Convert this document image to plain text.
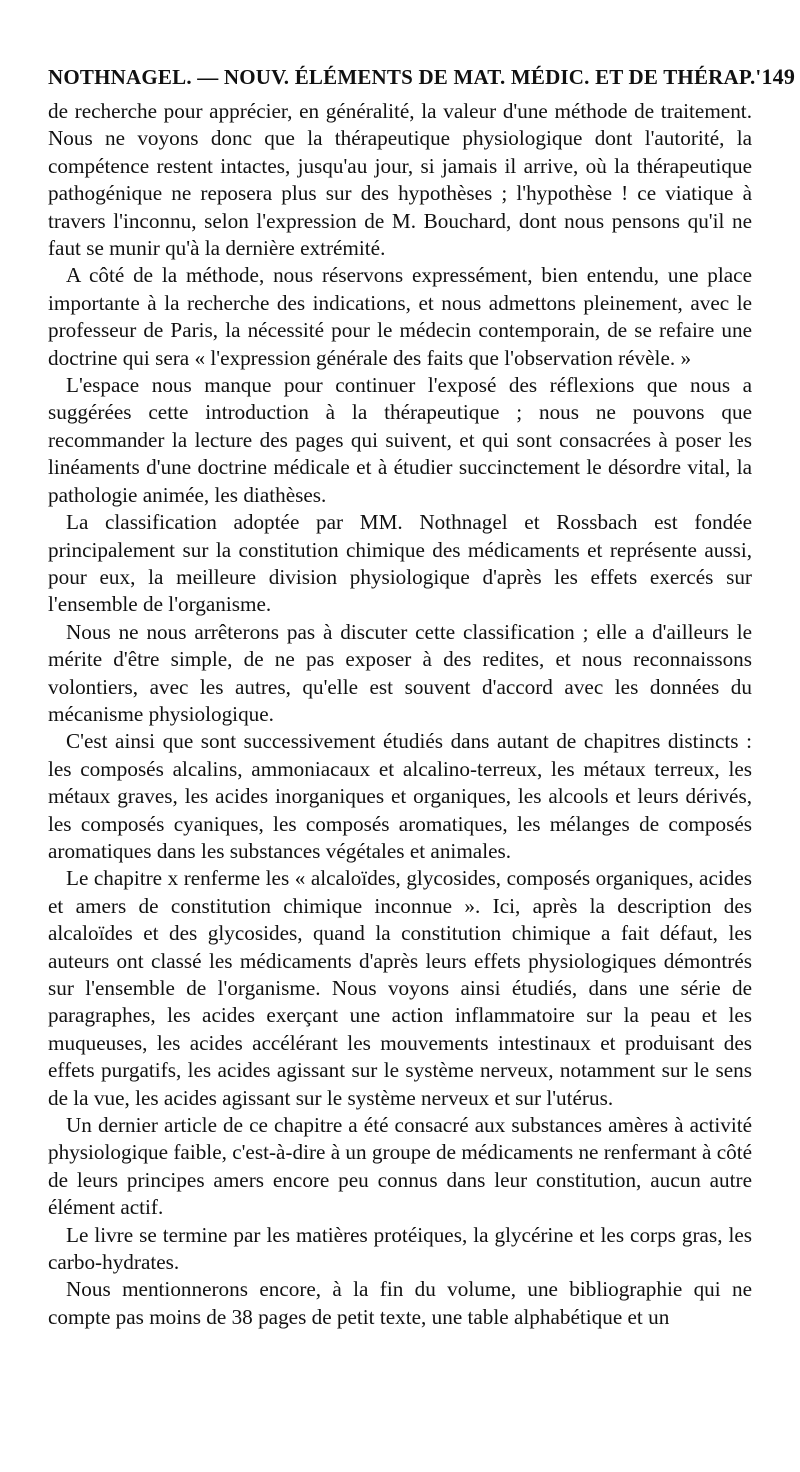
NOTHNAGEL. — NOUV. ÉLÉMENTS DE MAT. MÉDIC. ET DE THÉRAP.' 149

de recherche pour apprécier, en généralité, la valeur d'une méthode de traitement. Nous ne voyons donc que la thérapeutique physiologique dont l'autorité, la compétence restent intactes, jusqu'au jour, si jamais il arrive, où la thérapeutique pathogénique ne reposera plus sur des hypothèses ; l'hypothèse ! ce viatique à travers l'inconnu, selon l'expression de M. Bouchard, dont nous pensons qu'il ne faut se munir qu'à la dernière extrémité.

A côté de la méthode, nous réservons expressément, bien entendu, une place importante à la recherche des indications, et nous admettons pleinement, avec le professeur de Paris, la nécessité pour le médecin contemporain, de se refaire une doctrine qui sera « l'expression générale des faits que l'observation révèle. »

L'espace nous manque pour continuer l'exposé des réflexions que nous a suggérées cette introduction à la thérapeutique ; nous ne pouvons que recommander la lecture des pages qui suivent, et qui sont consacrées à poser les linéaments d'une doctrine médicale et à étudier succinctement le désordre vital, la pathologie animée, les diathèses.

La classification adoptée par MM. Nothnagel et Rossbach est fondée principalement sur la constitution chimique des médicaments et représente aussi, pour eux, la meilleure division physiologique d'après les effets exercés sur l'ensemble de l'organisme.

Nous ne nous arrêterons pas à discuter cette classification ; elle a d'ailleurs le mérite d'être simple, de ne pas exposer à des redites, et nous reconnaissons volontiers, avec les autres, qu'elle est souvent d'accord avec les données du mécanisme physiologique.

C'est ainsi que sont successivement étudiés dans autant de chapitres distincts : les composés alcalins, ammoniacaux et alcalino-terreux, les métaux terreux, les métaux graves, les acides inorganiques et organiques, les alcools et leurs dérivés, les composés cyaniques, les composés aromatiques, les mélanges de composés aromatiques dans les substances végétales et animales.

Le chapitre x renferme les « alcaloïdes, glycosides, composés organiques, acides et amers de constitution chimique inconnue ». Ici, après la description des alcaloïdes et des glycosides, quand la constitution chimique a fait défaut, les auteurs ont classé les médicaments d'après leurs effets physiologiques démontrés sur l'ensemble de l'organisme. Nous voyons ainsi étudiés, dans une série de paragraphes, les acides exerçant une action inflammatoire sur la peau et les muqueuses, les acides accélérant les mouvements intestinaux et produisant des effets purgatifs, les acides agissant sur le système nerveux, notamment sur le sens de la vue, les acides agissant sur le système nerveux et sur l'utérus.

Un dernier article de ce chapitre a été consacré aux substances amères à activité physiologique faible, c'est-à-dire à un groupe de médicaments ne renfermant à côté de leurs principes amers encore peu connus dans leur constitution, aucun autre élément actif.

Le livre se termine par les matières protéiques, la glycérine et les corps gras, les carbo-hydrates.

Nous mentionnerons encore, à la fin du volume, une bibliographie qui ne compte pas moins de 38 pages de petit texte, une table alphabétique et un
